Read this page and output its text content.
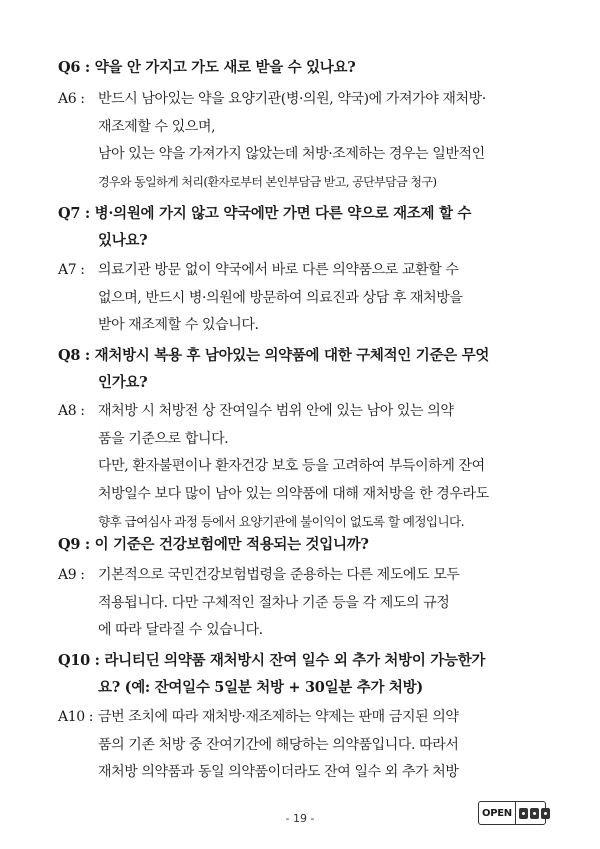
Q6 : 약을 안 가지고 가도 새로 받을 수 있나요?
A6 : 반드시 남아있는 약을 요양기관(병·의원, 약국)에 가져가야 재처방·
재조제할 수 있으며,
남아 있는 약을 가져가지 않았는데 처방·조제하는 경우는 일반적인
경우와 동일하게 처리(환자로부터 본인부담금 받고, 공단부담금 청구)
Q7 : 병·의원에 가지 않고 약국에만 가면 다른 약으로 재조제 할 수
있나요?
A7 : 의료기관 방문 없이 약국에서 바로 다른 의약품으로 교환할 수
없으며, 반드시 병·의원에 방문하여 의료진과 상담 후 재처방을
받아 재조제할 수 있습니다.
Q8 : 재처방시 복용 후 남아있는 의약품에 대한 구체적인 기준은 무엇
인가요?
A8 : 재처방 시 처방전 상 잔여일수 범위 안에 있는 남아 있는 의약
품을 기준으로 합니다.
다만, 환자불편이나 환자건강 보호 등을 고려하여 부득이하게 잔여
처방일수 보다 많이 남아 있는 의약품에 대해 재처방을 한 경우라도
향후 급여심사 과정 등에서 요양기관에 불이익이 없도록 할 예정입니다.
Q9 : 이 기준은 건강보험에만 적용되는 것입니까?
A9 : 기본적으로 국민건강보험법령을 준용하는 다른 제도에도 모두
적용됩니다. 다만 구체적인 절차나 기준 등을 각 제도의 규정
에 따라 달라질 수 있습니다.
Q10 : 라니티딘 의약품 재처방시 잔여 일수 외 추가 처방이 가능한가
요? (예: 잔여일수 5일분 처방 + 30일분 추가 처방)
A10 : 금번 조치에 따라 재처방·재조제하는 약제는 판매 금지된 의약
품의 기존 처방 중 잔여기간에 해당하는 의약품입니다. 따라서
재처방 의약품과 동일 의약품이더라도 잔여 일수 외 추가 처방
- 19 -	OPEN
